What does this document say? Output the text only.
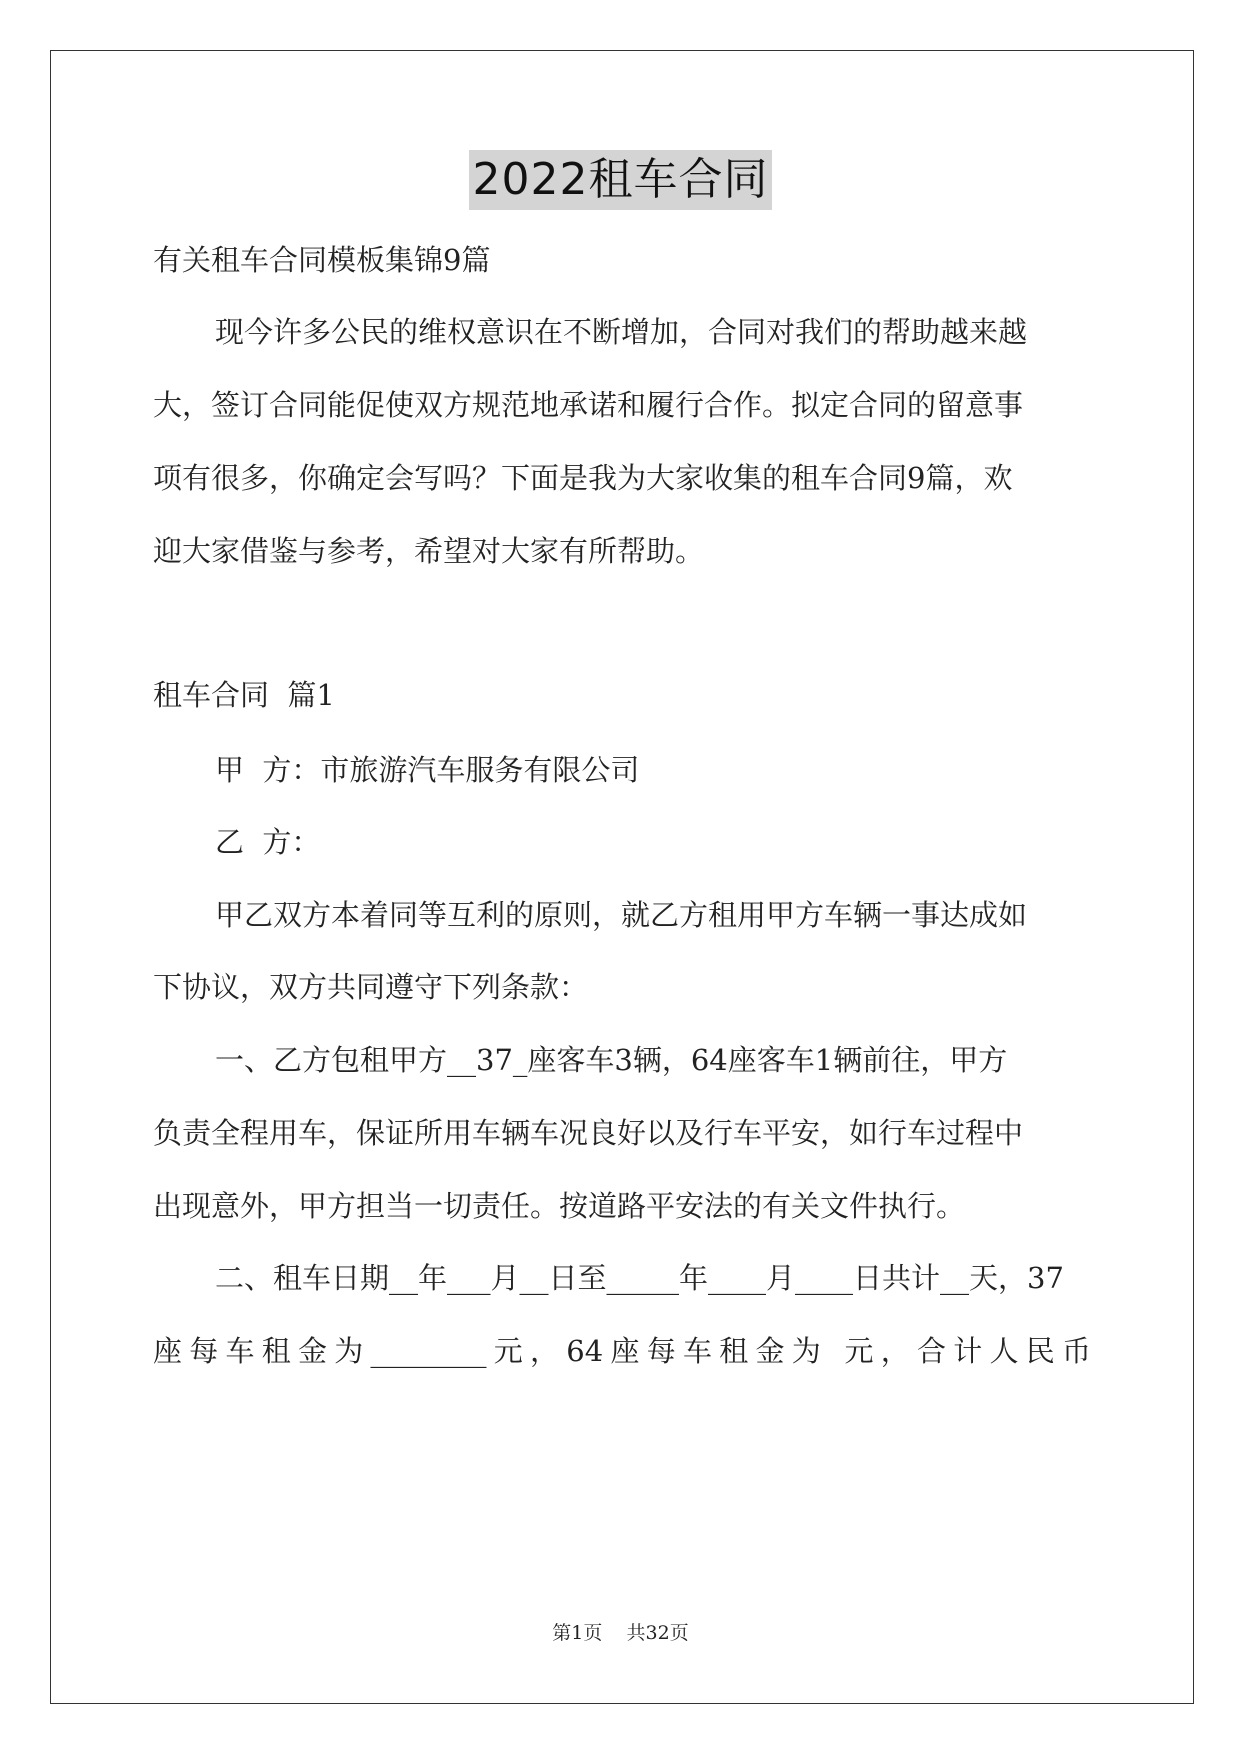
2022租车合同
有关租车合同模板集锦9篇
现今许多公民的维权意识在不断增加，合同对我们的帮助越来越
大，签订合同能促使双方规范地承诺和履行合作。拟定合同的留意事
项有很多，你确定会写吗？下面是我为大家收集的租车合同9篇，欢
迎大家借鉴与参考，希望对大家有所帮助。
租车合同  篇1
甲  方：市旅游汽车服务有限公司
乙  方：
甲乙双方本着同等互利的原则，就乙方租用甲方车辆一事达成如
下协议，双方共同遵守下列条款：
一、乙方包租甲方__37_座客车3辆，64座客车1辆前往，甲方
负责全程用车，保证所用车辆车况良好以及行车平安，如行车过程中
出现意外，甲方担当一切责任。按道路平安法的有关文件执行。
二、租车日期__年___月__日至_____年____月____日共计__天，37
座每车租金为________元，64座每车租金为 元，合计人民币
第1页    共32页
